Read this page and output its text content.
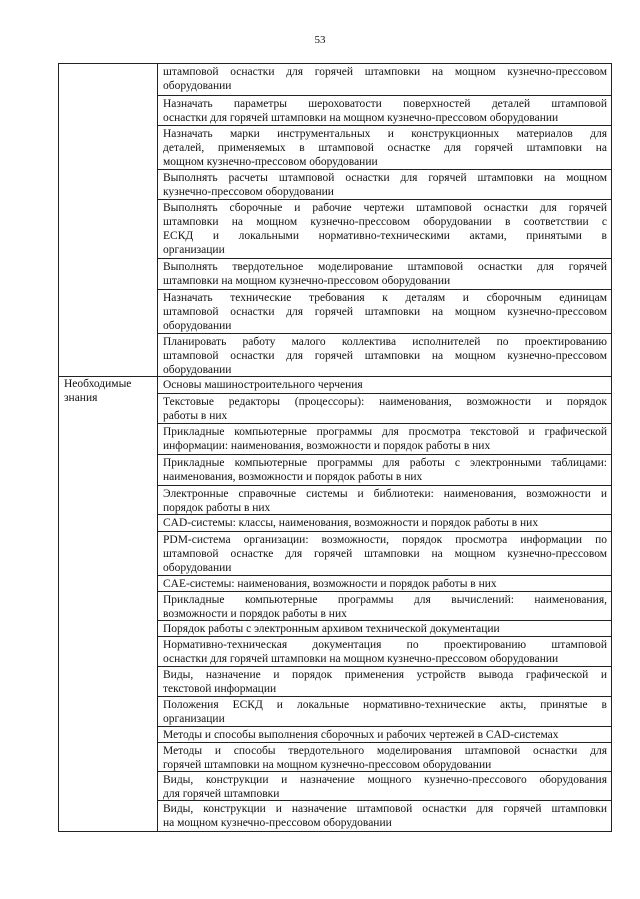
53
Необходимые
знания
штамповой оснастки для горячей штамповки на мощном кузнечно-прессовом
оборудовании
Назначать параметры шероховатости поверхностей деталей штамповой
оснастки для горячей штамповки на мощном кузнечно-прессовом оборудовании
Назначать марки инструментальных и конструкционных материалов для
деталей, применяемых в штамповой оснастке для горячей штамповки на
мощном кузнечно-прессовом оборудовании
Выполнять расчеты штамповой оснастки для горячей штамповки на мощном
кузнечно-прессовом оборудовании
Выполнять сборочные и рабочие чертежи штамповой оснастки для горячей
штамповки на мощном кузнечно-прессовом оборудовании в соответствии с
ЕСКД и локальными нормативно-техническими актами, принятыми в
организации
Выполнять твердотельное моделирование штамповой оснастки для горячей
штамповки на мощном кузнечно-прессовом оборудовании
Назначать технические требования к деталям и сборочным единицам
штамповой оснастки для горячей штамповки на мощном кузнечно-прессовом
оборудовании
Планировать работу малого коллектива исполнителей по проектированию
штамповой оснастки для горячей штамповки на мощном кузнечно-прессовом
оборудовании
Основы машиностроительного черчения
Текстовые редакторы (процессоры): наименования, возможности и порядок
работы в них
Прикладные компьютерные программы для просмотра текстовой и графической
информации: наименования, возможности и порядок работы в них
Прикладные компьютерные программы для работы с электронными таблицами:
наименования, возможности и порядок работы в них
Электронные справочные системы и библиотеки: наименования, возможности и
порядок работы в них
CAD-системы: классы, наименования, возможности и порядок работы в них
PDM-система организации: возможности, порядок просмотра информации по
штамповой оснастке для горячей штамповки на мощном кузнечно-прессовом
оборудовании
CAE-системы: наименования, возможности и порядок работы в них
Прикладные компьютерные программы для вычислений: наименования,
возможности и порядок работы в них
Порядок работы с электронным архивом технической документации
Нормативно-техническая документация по проектированию штамповой
оснастки для горячей штамповки на мощном кузнечно-прессовом оборудовании
Виды, назначение и порядок применения устройств вывода графической и
текстовой информации
Положения ЕСКД и локальные нормативно-технические акты, принятые в
организации
Методы и способы выполнения сборочных и рабочих чертежей в CAD-системах
Методы и способы твердотельного моделирования штамповой оснастки для
горячей штамповки на мощном кузнечно-прессовом оборудовании
Виды, конструкции и назначение мощного кузнечно-прессового оборудования
для горячей штамповки
Виды, конструкции и назначение штамповой оснастки для горячей штамповки
на мощном кузнечно-прессовом оборудовании
